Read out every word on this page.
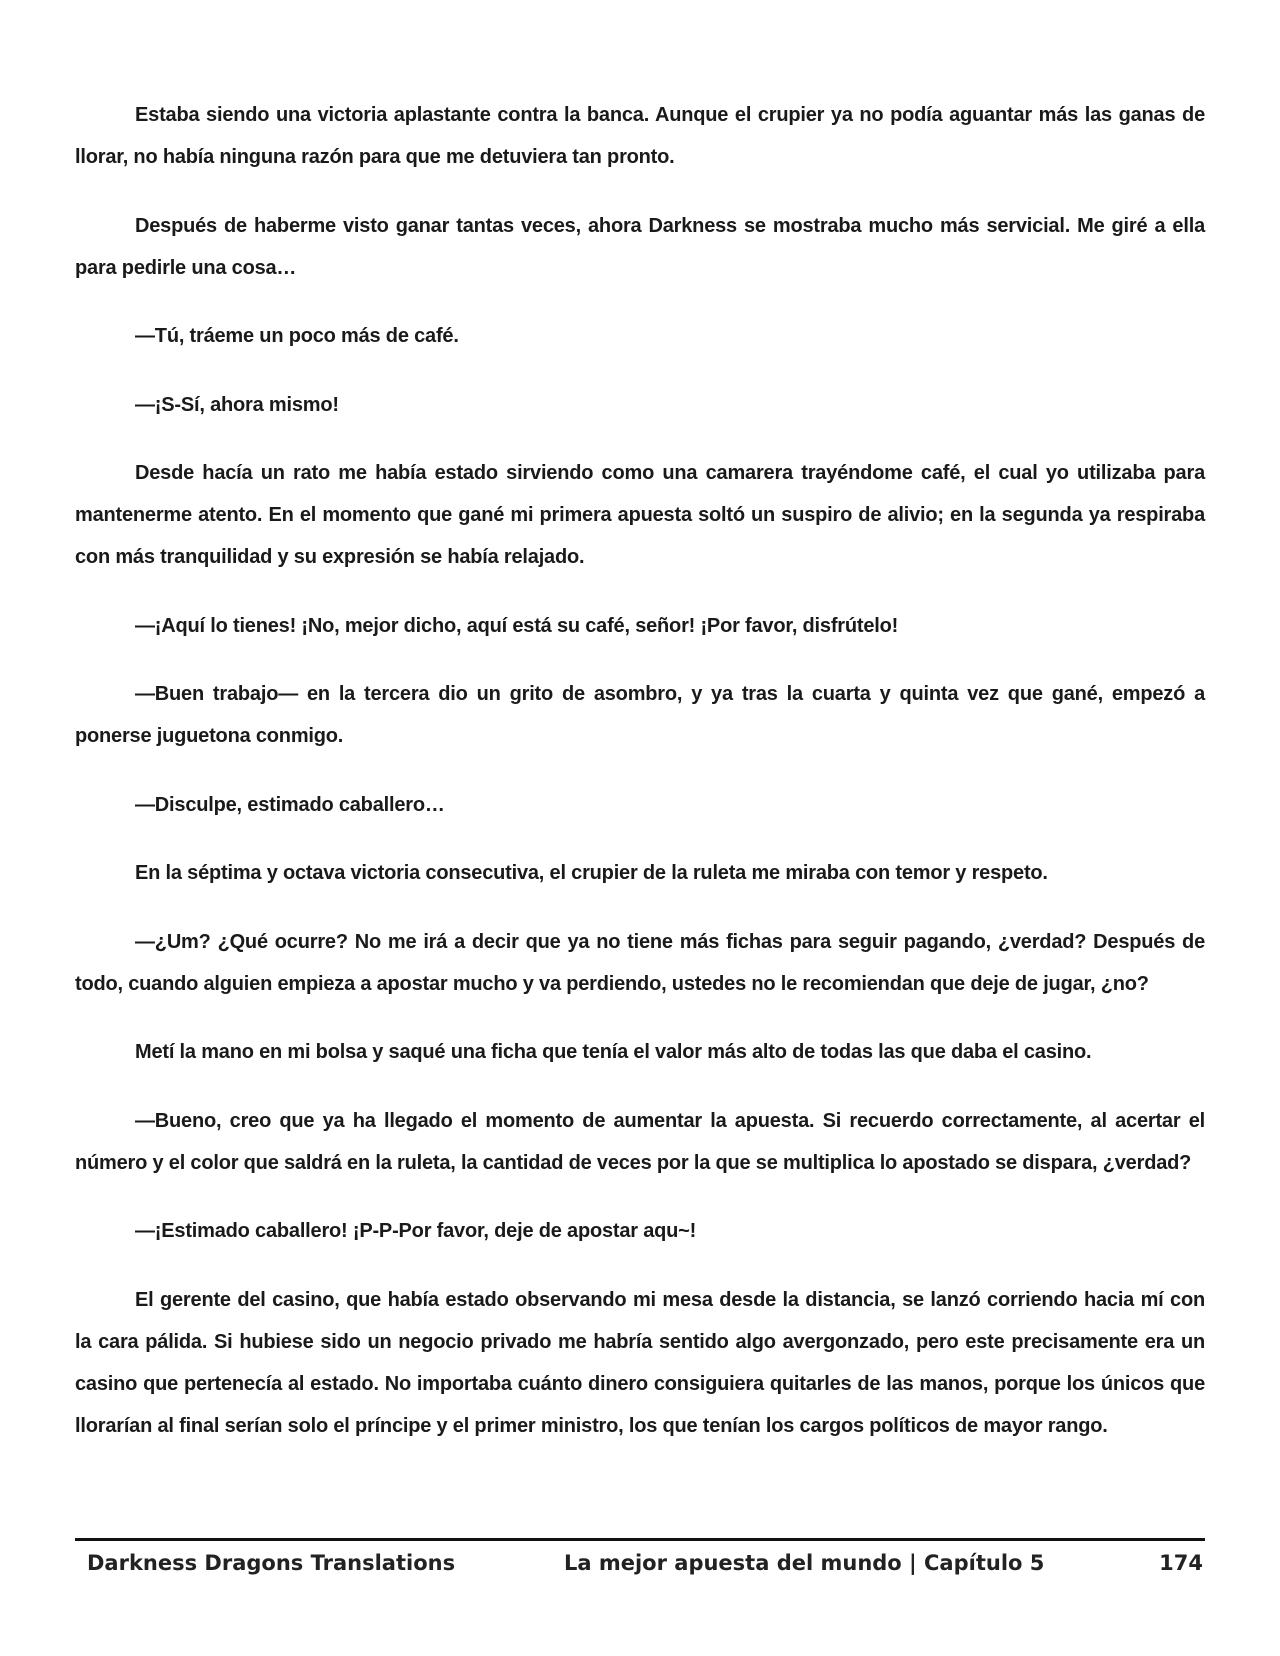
Estaba siendo una victoria aplastante contra la banca. Aunque el crupier ya no podía aguantar más las ganas de llorar, no había ninguna razón para que me detuviera tan pronto.

Después de haberme visto ganar tantas veces, ahora Darkness se mostraba mucho más servicial. Me giré a ella para pedirle una cosa…

—Tú, tráeme un poco más de café.

—¡S-Sí, ahora mismo!

Desde hacía un rato me había estado sirviendo como una camarera trayéndome café, el cual yo utilizaba para mantenerme atento. En el momento que gané mi primera apuesta soltó un suspiro de alivio; en la segunda ya respiraba con más tranquilidad y su expresión se había relajado.

—¡Aquí lo tienes! ¡No, mejor dicho, aquí está su café, señor! ¡Por favor, disfrútelo!

—Buen trabajo— en la tercera dio un grito de asombro, y ya tras la cuarta y quinta vez que gané, empezó a ponerse juguetona conmigo.

—Disculpe, estimado caballero…

En la séptima y octava victoria consecutiva, el crupier de la ruleta me miraba con temor y respeto.

—¿Um? ¿Qué ocurre? No me irá a decir que ya no tiene más fichas para seguir pagando, ¿verdad? Después de todo, cuando alguien empieza a apostar mucho y va perdiendo, ustedes no le recomiendan que deje de jugar, ¿no?

Metí la mano en mi bolsa y saqué una ficha que tenía el valor más alto de todas las que daba el casino.

—Bueno, creo que ya ha llegado el momento de aumentar la apuesta. Si recuerdo correctamente, al acertar el número y el color que saldrá en la ruleta, la cantidad de veces por la que se multiplica lo apostado se dispara, ¿verdad?

—¡Estimado caballero! ¡P-P-Por favor, deje de apostar aqu~!

El gerente del casino, que había estado observando mi mesa desde la distancia, se lanzó corriendo hacia mí con la cara pálida. Si hubiese sido un negocio privado me habría sentido algo avergonzado, pero este precisamente era un casino que pertenecía al estado. No importaba cuánto dinero consiguiera quitarles de las manos, porque los únicos que llorarían al final serían solo el príncipe y el primer ministro, los que tenían los cargos políticos de mayor rango.

Darkness Dragons Translations	La mejor apuesta del mundo | Capítulo 5	174
